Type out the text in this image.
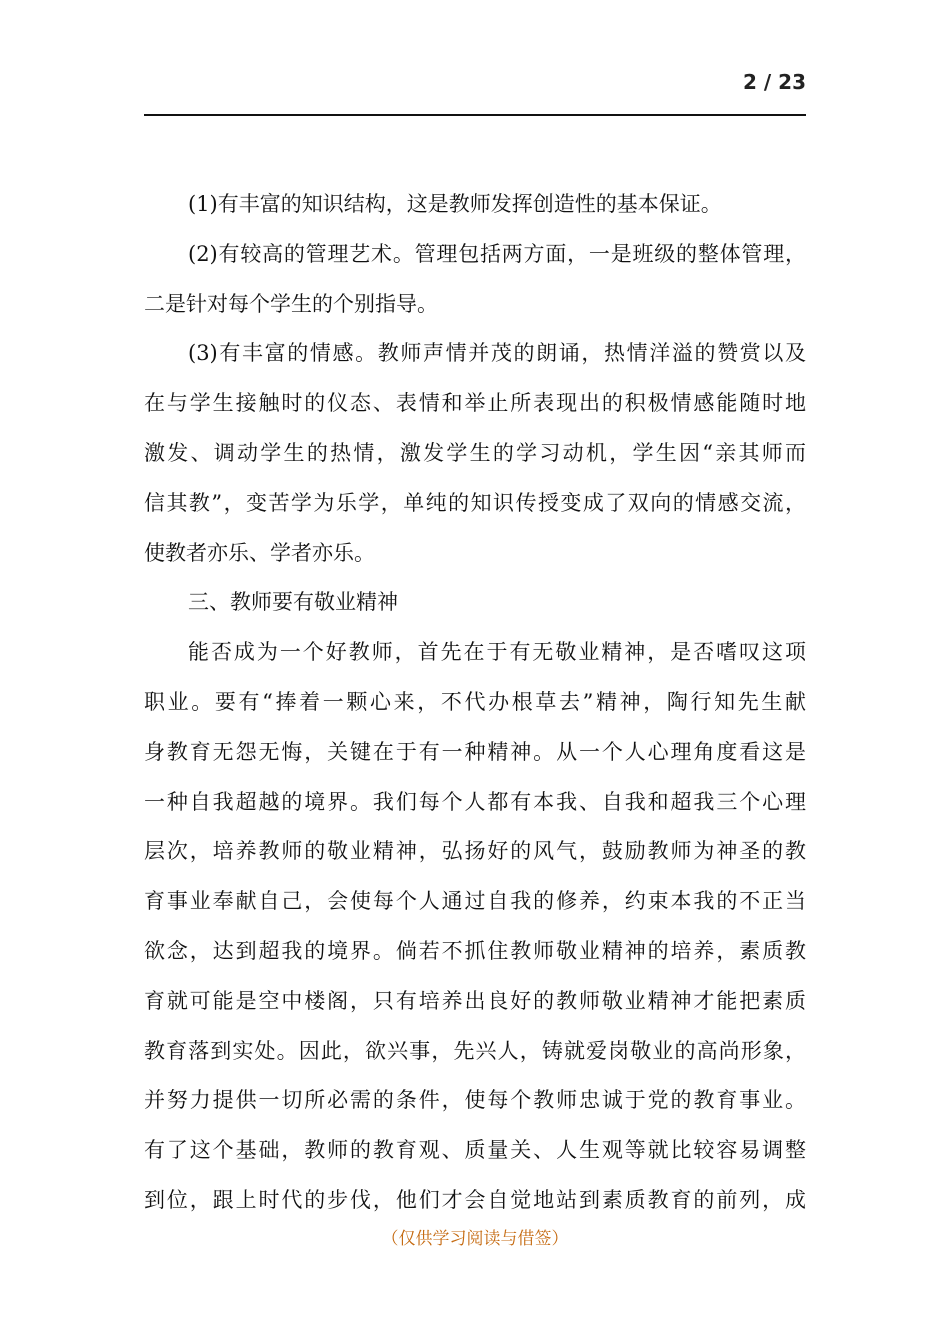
2 / 23
(1)有丰富的知识结构，这是教师发挥创造性的基本保证。
(2)有较高的管理艺术。管理包括两方面，一是班级的整体管理，
二是针对每个学生的个别指导。
(3)有丰富的情感。教师声情并茂的朗诵，热情洋溢的赞赏以及
在与学生接触时的仪态、表情和举止所表现出的积极情感能随时地
激发、调动学生的热情，激发学生的学习动机，学生因“亲其师而
信其教”，变苦学为乐学，单纯的知识传授变成了双向的情感交流，
使教者亦乐、学者亦乐。
三、教师要有敬业精神
能否成为一个好教师，首先在于有无敬业精神，是否嗜叹这项
职业。要有“捧着一颗心来，不代办根草去”精神，陶行知先生献
身教育无怨无悔，关键在于有一种精神。从一个人心理角度看这是
一种自我超越的境界。我们每个人都有本我、自我和超我三个心理
层次，培养教师的敬业精神，弘扬好的风气，鼓励教师为神圣的教
育事业奉献自己，会使每个人通过自我的修养，约束本我的不正当
欲念，达到超我的境界。倘若不抓住教师敬业精神的培养，素质教
育就可能是空中楼阁，只有培养出良好的教师敬业精神才能把素质
教育落到实处。因此，欲兴事，先兴人，铸就爱岗敬业的高尚形象，
并努力提供一切所必需的条件，使每个教师忠诚于党的教育事业。
有了这个基础，教师的教育观、质量关、人生观等就比较容易调整
到位，跟上时代的步伐，他们才会自觉地站到素质教育的前列，成
（仅供学习阅读与借签）
